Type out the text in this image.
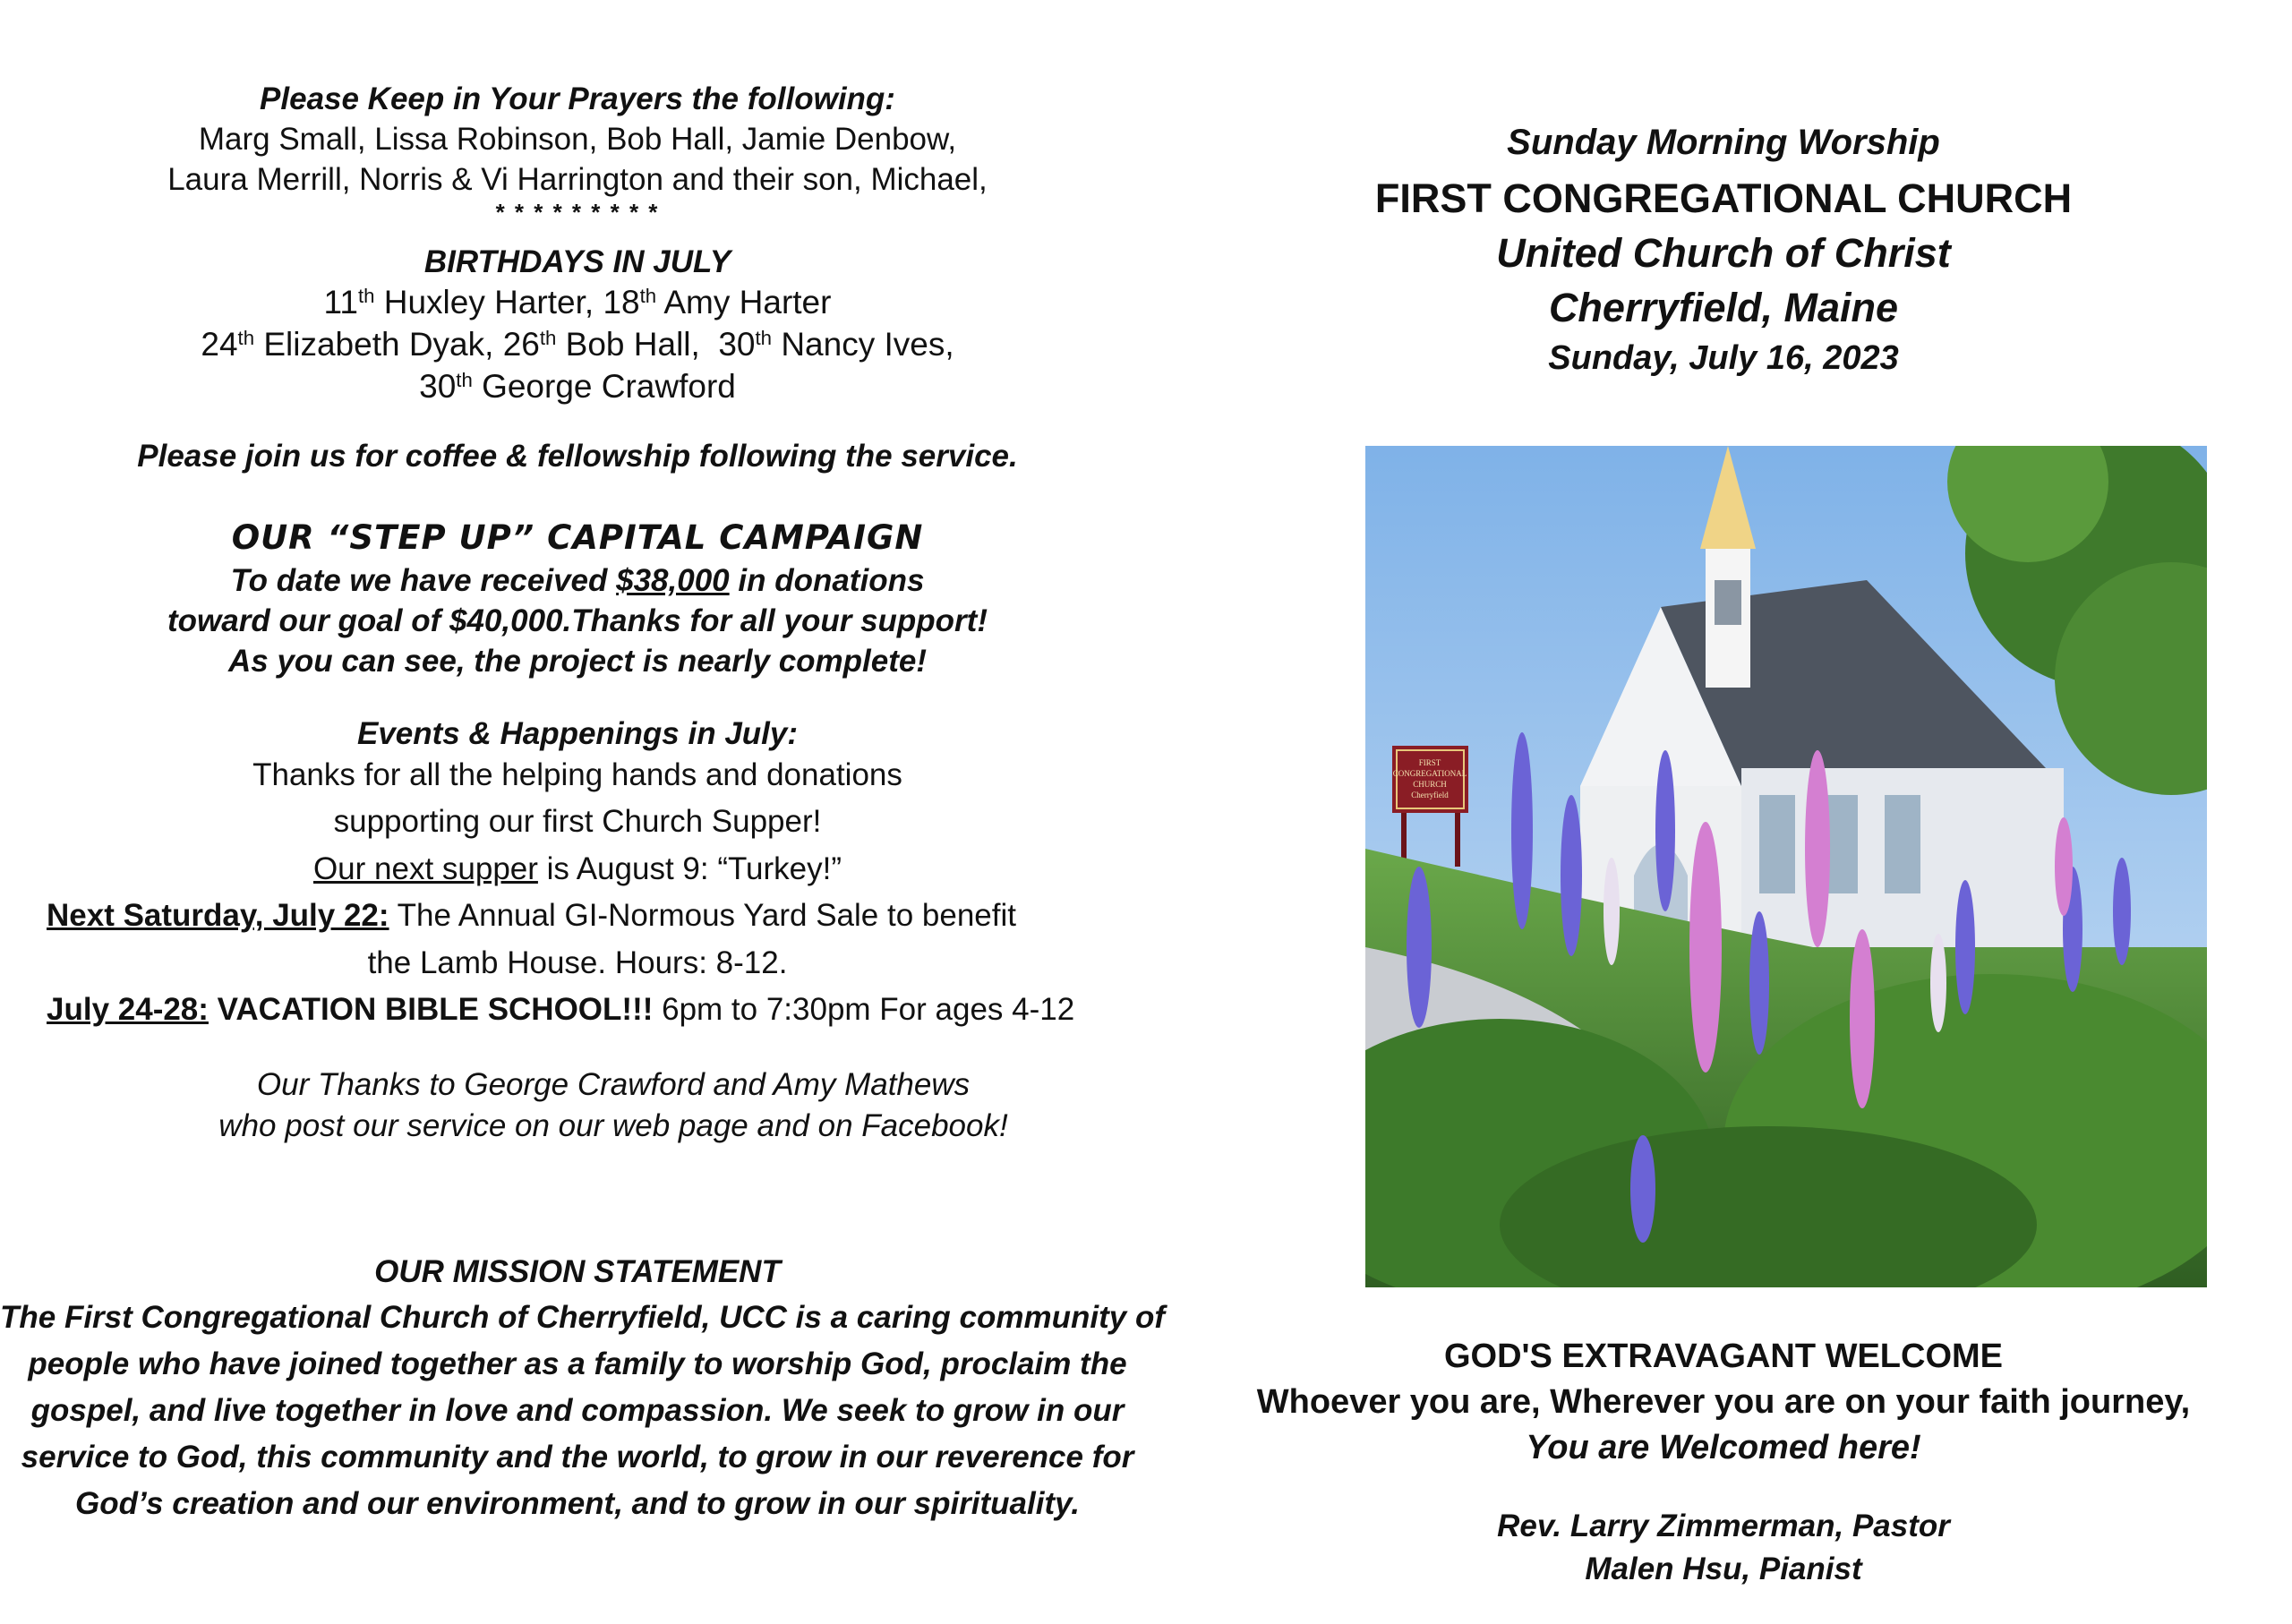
Please Keep in Your Prayers the following:
Marg Small, Lissa Robinson, Bob Hall, Jamie Denbow,
Laura Merrill, Norris & Vi Harrington and their son, Michael,
* * * * * * * * *
BIRTHDAYS IN JULY
11th Huxley Harter, 18th Amy Harter
24th Elizabeth Dyak, 26th Bob Hall,  30th Nancy Ives,
30th George Crawford
Please join us for coffee & fellowship following the service.
OUR “STEP UP” CAPITAL CAMPAIGN
To date we have received $38,000 in donations
toward our goal of $40,000.Thanks for all your support!
As you can see, the project is nearly complete!
Events & Happenings in July:
Thanks for all the helping hands and donations
supporting our first Church Supper!
Our next supper is August 9: “Turkey!”
Next Saturday, July 22: The Annual GI-Normous Yard Sale to benefit
the Lamb House. Hours: 8-12.
July 24-28: VACATION BIBLE SCHOOL!!! 6pm to 7:30pm For ages 4-12
Our Thanks to George Crawford and Amy Mathews
who post our service on our web page and on Facebook!
OUR MISSION STATEMENT
The First Congregational Church of Cherryfield, UCC is a caring community of
people who have joined together as a family to worship God, proclaim the
gospel, and live together in love and compassion. We seek to grow in our
service to God, this community and the world, to grow in our reverence for
God’s creation and our environment, and to grow in our spirituality.
Sunday Morning Worship
FIRST CONGREGATIONAL CHURCH
United Church of Christ
Cherryfield, Maine
Sunday, July 16, 2023
FIRST
CONGREGATIONAL
CHURCH
Cherryfield
GOD'S EXTRAVAGANT WELCOME
Whoever you are, Wherever you are on your faith journey,
You are Welcomed here!
Rev. Larry Zimmerman, Pastor
Malen Hsu, Pianist
